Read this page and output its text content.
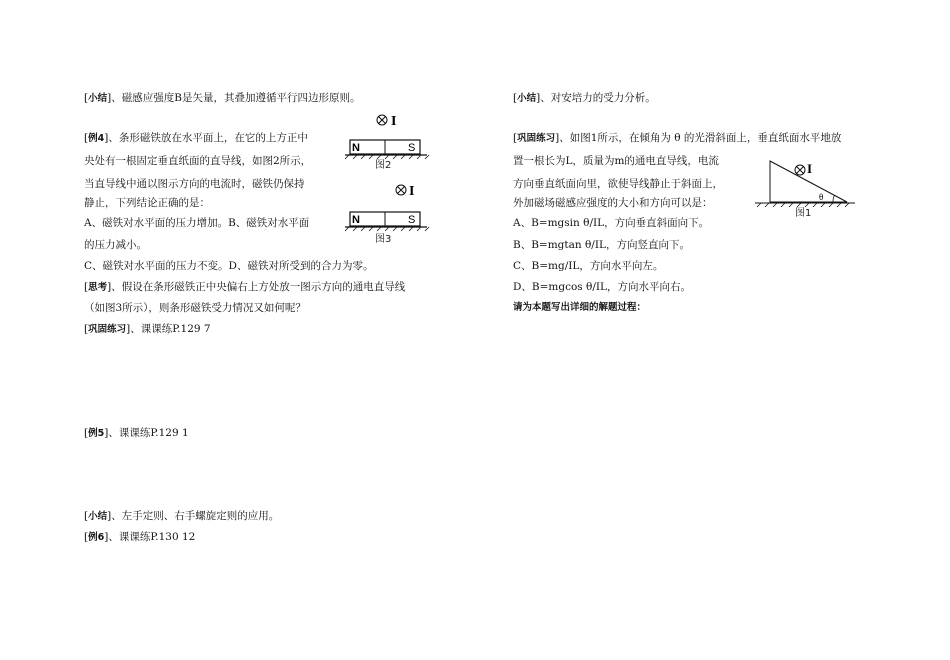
[小结]、磁感应强度B是矢量，其叠加遵循平行四边形原则。
[例4]、条形磁铁放在水平面上，在它的上方正中
央处有一根固定垂直纸面的直导线，如图2所示，
当直导线中通以图示方向的电流时，磁铁仍保持
静止，下列结论正确的是：
A、磁铁对水平面的压力增加。B、磁铁对水平面
的压力减小。
C、磁铁对水平面的压力不变。D、磁铁对所受到的合力为零。
[思考]、假设在条形磁铁正中央偏右上方处放一图示方向的通电直导线
（如图3所示），则条形磁铁受力情况又如何呢？
[巩固练习]、课课练P.129 7
[例5]、课课练P.129 1
[小结]、左手定则、右手螺旋定则的应用。
[例6]、课课练P.130 12
I
N	S
图2
I
N	S
图3
[小结]、对安培力的受力分析。
[巩固练习]、如图1所示，在倾角为 θ 的光滑斜面上，垂直纸面水平地放
置一根长为L，质量为m的通电直导线，电流
方向垂直纸面向里，欲使导线静止于斜面上，
外加磁场磁感应强度的大小和方向可以是：
A、B=mgsin θ/IL，方向垂直斜面向下。
B、B=mgtan θ/IL，方向竖直向下。
C、B=mg/IL，方向水平向左。
D、B=mgcos θ/IL，方向水平向右。
请为本题写出详细的解题过程：
I
θ
图1
